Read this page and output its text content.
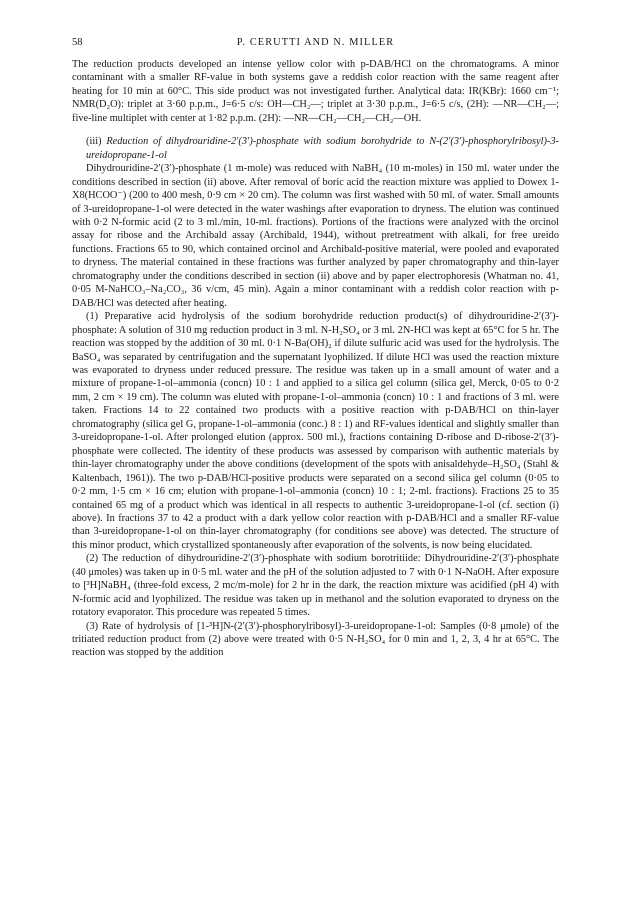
58	P. CERUTTI AND N. MILLER

The reduction products developed an intense yellow color with p-DAB/HCl on the chromatograms. A minor contaminant with a smaller RF-value in both systems gave a reddish color reaction with the same reagent after heating for 10 min at 60°C. This side product was not investigated further. Analytical data: IR(KBr): 1660 cm⁻¹; NMR(D₂O): triplet at 3·60 p.p.m., J=6·5 c/s: OH—CH₂—; triplet at 3·30 p.p.m., J=6·5 c/s, (2H): —NR—CH₂—; five-line multiplet with center at 1·82 p.p.m. (2H): —NR—CH₂—CH₂—CH₂—OH.

(iii) Reduction of dihydrouridine-2′(3′)-phosphate with sodium borohydride to N-(2′(3′)-phosphorylribosyl)-3-ureidopropane-1-ol

Dihydrouridine-2′(3′)-phosphate (1 m-mole) was reduced with NaBH₄ (10 m-moles) in 150 ml. water under the conditions described in section (ii) above. After removal of boric acid the reaction mixture was applied to Dowex 1-X8(HCOO⁻) (200 to 400 mesh, 0·9 cm × 20 cm). The column was first washed with 50 ml. of water. Small amounts of 3-ureidopropane-1-ol were detected in the water washings after evaporation to dryness. The elution was continued with 0·2 N-formic acid (2 to 3 ml./min, 10-ml. fractions). Portions of the fractions were analyzed with the orcinol assay for ribose and the Archibald assay (Archibald, 1944), without pretreatment with alkali, for free ureido functions. Fractions 65 to 90, which contained orcinol and Archibald-positive material, were pooled and evaporated to dryness. The material contained in these fractions was further analyzed by paper chromatography and thin-layer chromatography under the conditions described in section (ii) above and by paper electrophoresis (Whatman no. 41, 0·05 M-NaHCO₃–Na₂CO₃, 36 v/cm, 45 min). Again a minor contaminant with a reddish color reaction with p-DAB/HCl was detected after heating.

(1) Preparative acid hydrolysis of the sodium borohydride reduction product(s) of dihydrouridine-2′(3′)-phosphate: A solution of 310 mg reduction product in 3 ml. N-H₂SO₄ or 3 ml. 2N-HCl was kept at 65°C for 5 hr. The reaction was stopped by the addition of 30 ml. 0·1 N-Ba(OH)₂ if dilute sulfuric acid was used for the hydrolysis. The BaSO₄ was separated by centrifugation and the supernatant lyophilized. If dilute HCl was used the reaction mixture was evaporated to dryness under reduced pressure. The residue was taken up in a small amount of water and a mixture of propane-1-ol–ammonia (concn) 10 : 1 and applied to a silica gel column (silica gel, Merck, 0·05 to 0·2 mm, 2 cm × 19 cm). The column was eluted with propane-1-ol–ammonia (concn) 10 : 1 and fractions of 3 ml. were taken. Fractions 14 to 22 contained two products with a positive reaction with p-DAB/HCl on thin-layer chromatography (silica gel G, propane-1-ol–ammonia (conc.) 8 : 1) and RF-values identical and slightly smaller than 3-ureidopropane-1-ol. After prolonged elution (approx. 500 ml.), fractions containing D-ribose and D-ribose-2′(3′)-phosphate were collected. The identity of these products was assessed by comparison with authentic materials by thin-layer chromatography under the above conditions (development of the spots with anisaldehyde–H₂SO₄ (Stahl & Kaltenbach, 1961)). The two p-DAB/HCl-positive products were separated on a second silica gel column (0·05 to 0·2 mm, 1·5 cm × 16 cm; elution with propane-1-ol–ammonia (concn) 10 : 1; 2-ml. fractions). Fractions 25 to 35 contained 65 mg of a product which was identical in all respects to authentic 3-ureidopropane-1-ol (cf. section (i) above). In fractions 37 to 42 a product with a dark yellow color reaction with p-DAB/HCl and a smaller RF-value than 3-ureidopropane-1-ol on thin-layer chromatography (for conditions see above) was detected. The structure of this minor product, which crystallized spontaneously after evaporation of the solvents, is now being elucidated.

(2) The reduction of dihydrouridine-2′(3′)-phosphate with sodium borotritiide: Dihydrouridine-2′(3′)-phosphate (40 μmoles) was taken up in 0·5 ml. water and the pH of the solution adjusted to 7 with 0·1 N-NaOH. After exposure to [³H]NaBH₄ (three-fold excess, 2 mc/m-mole) for 2 hr in the dark, the reaction mixture was acidified (pH 4) with N-formic acid and lyophilized. The residue was taken up in methanol and the solution evaporated to dryness on the rotatory evaporator. This procedure was repeated 5 times.

(3) Rate of hydrolysis of [1-³H]N-(2′(3′)-phosphorylribosyl)-3-ureidopropane-1-ol: Samples (0·8 μmole) of the tritiated reduction product from (2) above were treated with 0·5 N-H₂SO₄ for 0 min and 1, 2, 3, 4 hr at 65°C. The reaction was stopped by the addition
